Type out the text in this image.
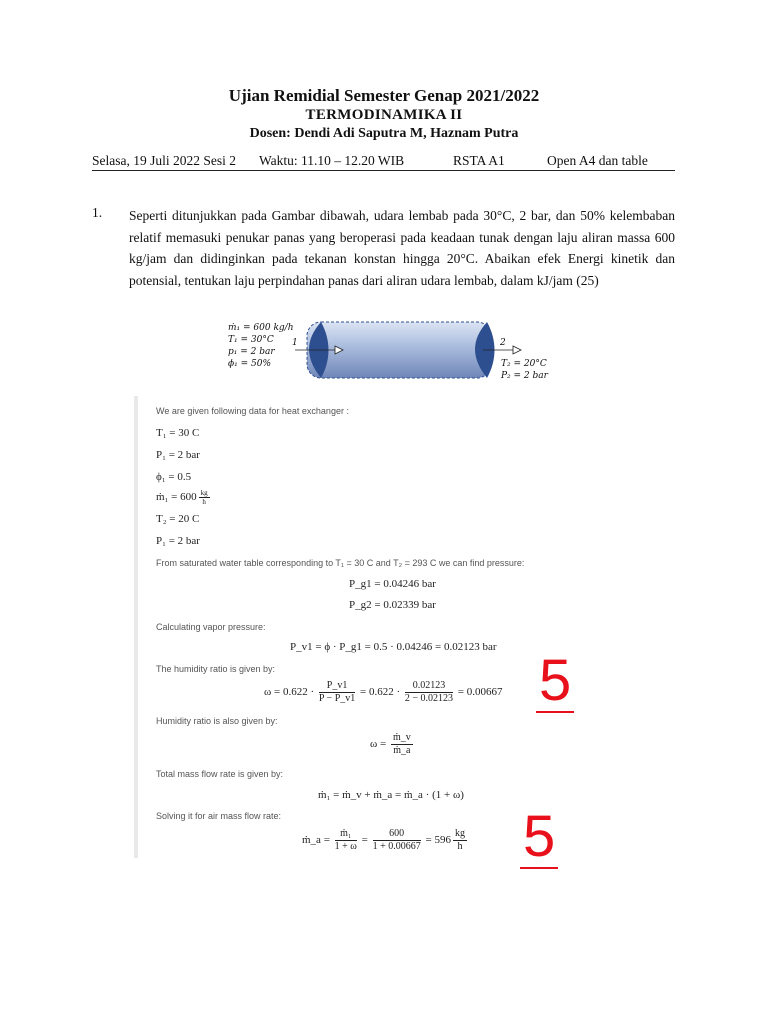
Ujian Remidial Semester Genap 2021/2022
TERMODINAMIKA II
Dosen: Dendi Adi Saputra M, Haznam Putra
Selasa, 19 Juli 2022 Sesi 2 Waktu: 11.10 – 12.20 WIB	RSTA A1	Open A4 dan table
1. Seperti ditunjukkan pada Gambar dibawah, udara lembab pada 30°C, 2 bar, dan 50% kelembaban relatif memasuki penukar panas yang beroperasi pada keadaan tunak dengan laju aliran massa 600 kg/jam dan didinginkan pada tekanan konstan hingga 20°C. Abaikan efek Energi kinetik dan potensial, tentukan laju perpindahan panas dari aliran udara lembab, dalam kJ/jam (25)
ṁ₁ = 600 kg/h
T₁ = 30°C
p₁ = 2 bar
ϕ₁ = 50%
1	2
T₂ = 20°C
P₂ = 2 bar
We are given following data for heat exchanger :
T₁ = 30 C
P₁ = 2 bar
ϕ₁ = 0.5
ṁ₁ = $600 \frac{kg}{h}$
T₂ = 20 C
P₁ = 2 bar
From saturated water table corresponding to T₁ = 30 C and T₂ = 293 C we can find pressure:
P_g1 = 0.04246 bar
P_g2 = 0.02339 bar
Calculating vapor pressure:
P_v1 = ϕ · P_g1 = 0.5 · 0.04246 = 0.02123 bar
The humidity ratio is given by:
$\omega = 0.622 \cdot \frac{P\_v1}{P - P\_v1} = 0.622 \cdot \frac{0.02123}{2 - 0.02123} = 0.00667$
Humidity ratio is also given by:
$\omega = \frac{\text{ṁ\_v}}{\text{ṁ\_a}}$
Total mass flow rate is given by:
ṁ₁ = ṁ_v + ṁ_a = ṁ_a · (1 + ω)
Solving it for air mass flow rate:
ṁ_a = $\frac{\text{ṁ₁}}{1 + \omega} = \frac{600}{1 + 0.00667} = 596 \frac{kg}{h}$
5
5
